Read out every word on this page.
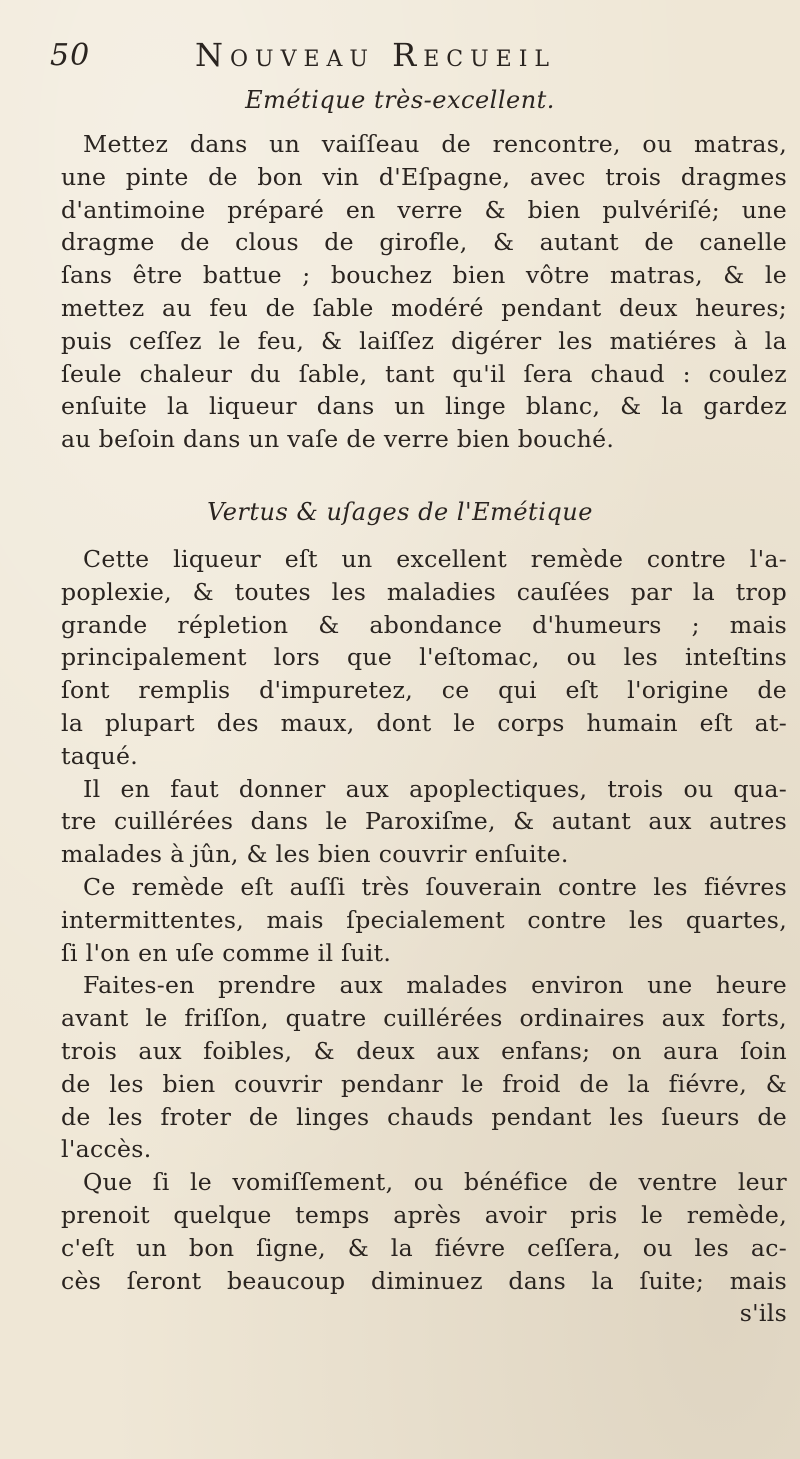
50	Nouveau Recueil
Emétique très-excellent.
Mettez dans un vaiſſeau de rencontre, ou matras,
une pinte de bon vin d'Eſpagne, avec trois dragmes
d'antimoine préparé en verre & bien pulvériſé; une
dragme de clous de girofle, & autant de canelle
ſans être battue ; bouchez bien vôtre matras, & le
mettez au feu de ſable modéré pendant deux heures;
puis ceſſez le feu, & laiſſez digérer les matiéres à la
ſeule chaleur du ſable, tant qu'il ſera chaud : coulez
enſuite la liqueur dans un linge blanc, & la gardez
au beſoin dans un vaſe de verre bien bouché.
Vertus & uſages de l'Emétique
Cette liqueur eſt un excellent remède contre l'a-
poplexie, & toutes les maladies cauſées par la trop
grande répletion & abondance d'humeurs ; mais
principalement lors que l'eſtomac, ou les inteſtins
ſont remplis d'impuretez, ce qui eſt l'origine de
la plupart des maux, dont le corps humain eſt at-
taqué.
Il en faut donner aux apoplectiques, trois ou qua-
tre cuillérées dans le Paroxiſme, & autant aux autres
malades à jûn, & les bien couvrir enſuite.
Ce remède eſt auſſi très ſouverain contre les fiévres
intermittentes, mais ſpecialement contre les quartes,
ſi l'on en uſe comme il ſuit.
Faites-en prendre aux malades environ une heure
avant le friſſon, quatre cuillérées ordinaires aux forts,
trois aux foibles, & deux aux enfans; on aura ſoin
de les bien couvrir pendanr le froid de la fiévre, &
de les froter de linges chauds pendant les ſueurs de
l'accès.
Que ſi le vomiſſement, ou bénéfice de ventre leur
prenoit quelque temps après avoir pris le remède,
c'eſt un bon ſigne, & la fiévre ceſſera, ou les ac-
cès ſeront beaucoup diminuez dans la ſuite; mais
s'ils
